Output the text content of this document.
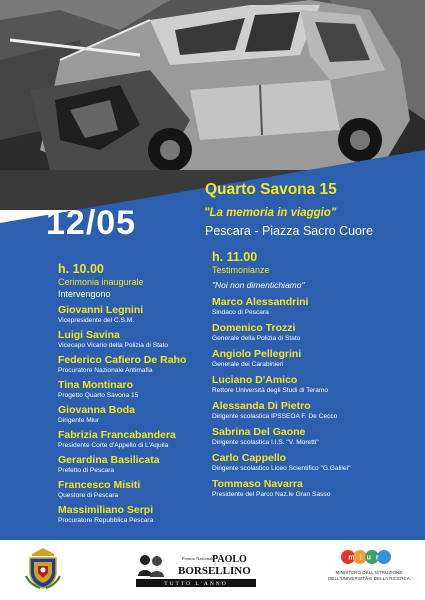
12/05
Quarto Savona 15
"La memoria in viaggio"
Pescara - Piazza Sacro Cuore
h. 10.00
Cerimonia inaugurale
Intervengono
Giovanni Legnini
Vicepresidente del C.S.M.
Luigi Savina
Vicecapo Vicario della Polizia di Stato
Federico Cafiero De Raho
Procuratore Nazionale Antimafia
Tina Montinaro
Progetto Quarto Savona 15
Giovanna Boda
Dirigente Miur
Fabrizia Francabandera
Presidente Corte d'Appello di L'Aquila
Gerardina Basilicata
Prefetto di Pescara
Francesco Misiti
Questore di Pescara
Massimiliano Serpi
Procuratore Repubblica Pescara
h. 11.00
Testimonianze
"Noi non dimentichiamo"
Marco Alessandrini
Sindaco di Pescara
Domenico Trozzi
Generale della Polizia di Stato
Angiolo Pellegrini
Generale dei Carabinieri
Luciano D'Amico
Rettore Università degli Studi di Teramo
Alessanda Di Pietro
Dirigente scolastica IPSSEOA F. De Cecco
Sabrina Del Gaone
Dirigente scolastica I.I.S. "V. Moretti"
Carlo Cappello
Dirigente scolastico Liceo Scientifico "G.Galilei"
Tommaso Navarra
Presidente del Parco Naz.le Gran Sasso
Premio Nazionale
PAOLO
BORSELLINO
TUTTO L'ANNO
miur
MINISTERO DELL'ISTRUZIONE
DELL'UNIVERSITÀ E DELLA RICERCA
